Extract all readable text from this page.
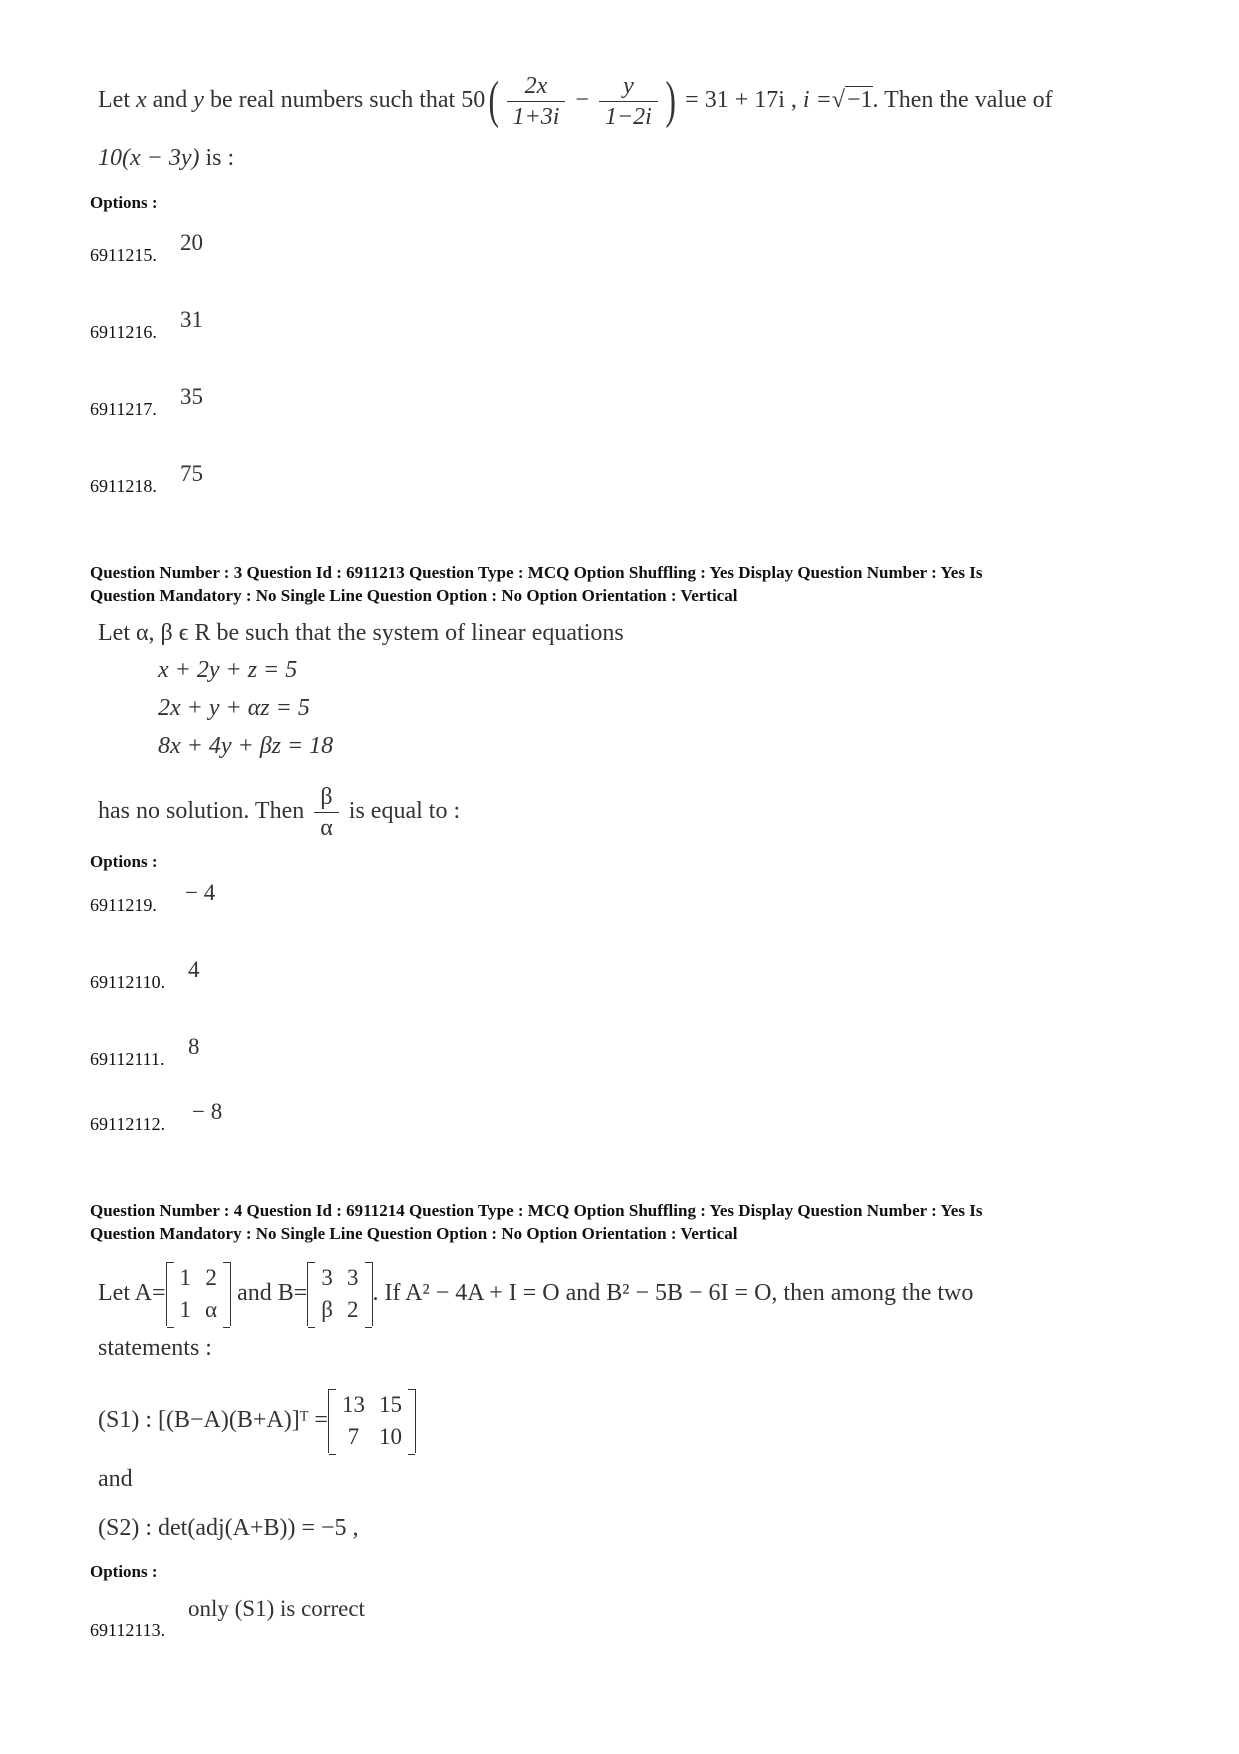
Let x and y be real numbers such that $50( \frac{2x}{1+3i} - \frac{y}{1-2i}$ ) = 31 + 17i , i =√−1. Then the value of
10(x − 3y) is :
Options :
6911215. 20
6911216. 31
6911217. 35
6911218. 75
Question Number : 3 Question Id : 6911213 Question Type : MCQ Option Shuffling : Yes Display Question Number : Yes Is
Question Mandatory : No Single Line Question Option : No Option Orientation : Vertical
Let α, β ϵ R be such that the system of linear equations
x + 2y + z = 5
2x + y + αz = 5
8x + 4y + βz = 18
has no solution. Then $\frac{\beta}{\alpha}$ is equal to :
Options :
6911219. − 4
69112110. 4
69112111. 8
69112112. − 8
Question Number : 4 Question Id : 6911214 Question Type : MCQ Option Shuffling : Yes Display Question Number : Yes Is
Question Mandatory : No Single Line Question Option : No Option Orientation : Vertical
Let A=
1	2
1	α
and B=
3	3
β	2
. If A² − 4A + I = O and B² − 5B − 6I = O, then among the two
statements :
(S1) : [(B−A)(B+A)]ᵀ =
13	15
7	10
and
(S2) : det(adj(A+B)) = −5 ,
Options :
69112113.
only (S1) is correct
